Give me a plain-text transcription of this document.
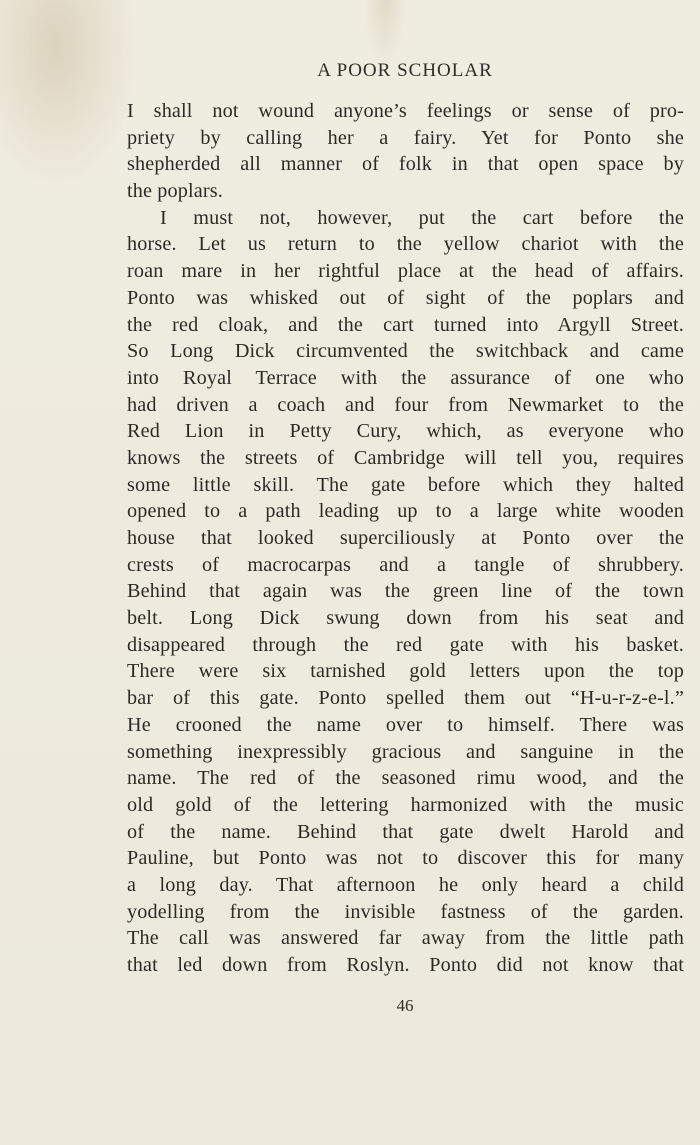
A POOR SCHOLAR
I shall not wound anyone’s feelings or sense of pro-
priety by calling her a fairy. Yet for Ponto she
shepherded all manner of folk in that open space by
the poplars.
I must not, however, put the cart before the
horse. Let us return to the yellow chariot with the
roan mare in her rightful place at the head of affairs.
Ponto was whisked out of sight of the poplars and
the red cloak, and the cart turned into Argyll Street.
So Long Dick circumvented the switchback and came
into Royal Terrace with the assurance of one who
had driven a coach and four from Newmarket to the
Red Lion in Petty Cury, which, as everyone who
knows the streets of Cambridge will tell you, requires
some little skill. The gate before which they halted
opened to a path leading up to a large white wooden
house that looked superciliously at Ponto over the
crests of macrocarpas and a tangle of shrubbery.
Behind that again was the green line of the town
belt. Long Dick swung down from his seat and
disappeared through the red gate with his basket.
There were six tarnished gold letters upon the top
bar of this gate. Ponto spelled them out “H-u-r-z-e-l.”
He crooned the name over to himself. There was
something inexpressibly gracious and sanguine in the
name. The red of the seasoned rimu wood, and the
old gold of the lettering harmonized with the music
of the name. Behind that gate dwelt Harold and
Pauline, but Ponto was not to discover this for many
a long day. That afternoon he only heard a child
yodelling from the invisible fastness of the garden.
The call was answered far away from the little path
that led down from Roslyn. Ponto did not know that
46
